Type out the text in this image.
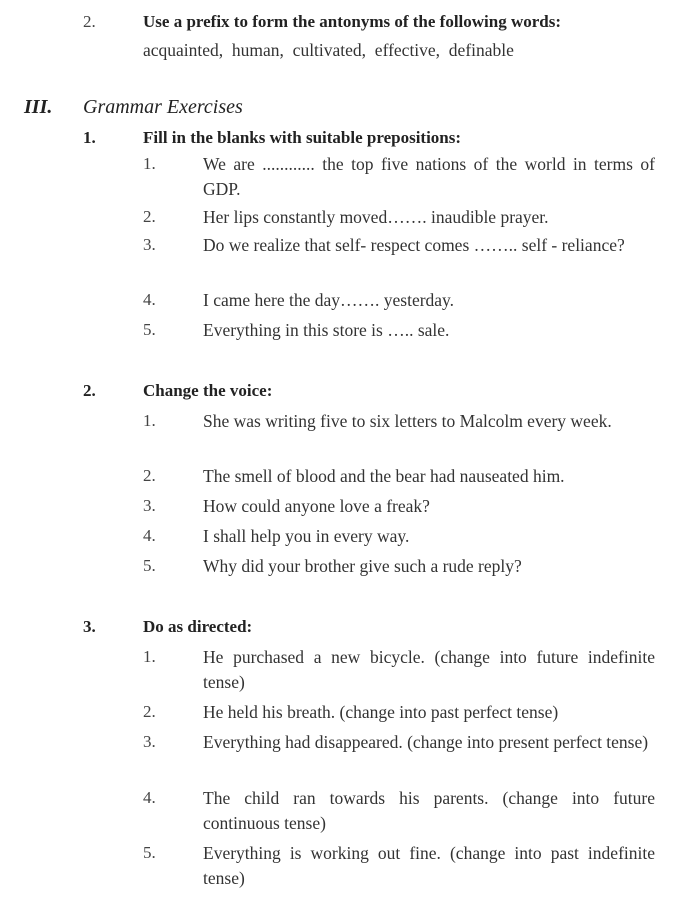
2.	Use a prefix to form the antonyms of the following words:
acquainted,  human,  cultivated,  effective,  definable
III. Grammar Exercises
1.	Fill in the blanks with suitable prepositions:
1.	We are ............ the top five nations of the world in terms of GDP.
2.	Her lips constantly moved……. inaudible prayer.
3.	Do we realize that self- respect comes …….. self - reliance?
4.	I came here the day……. yesterday.
5.	Everything in this store is ….. sale.
2.	Change the voice:
1.	She was writing five to six letters to Malcolm every week.
2.	The smell of blood and the bear had nauseated him.
3.	How could anyone love a freak?
4.	I shall help you in every way.
5.	Why did your brother give such a rude reply?
3.	Do as directed:
1.	He purchased a new bicycle. (change into future indefinite tense)
2.	He held his breath. (change into past perfect tense)
3.	Everything had disappeared. (change into present perfect tense)
4.	The child ran towards his parents. (change into future continuous tense)
5.	Everything is working out fine. (change into past indefinite tense)
